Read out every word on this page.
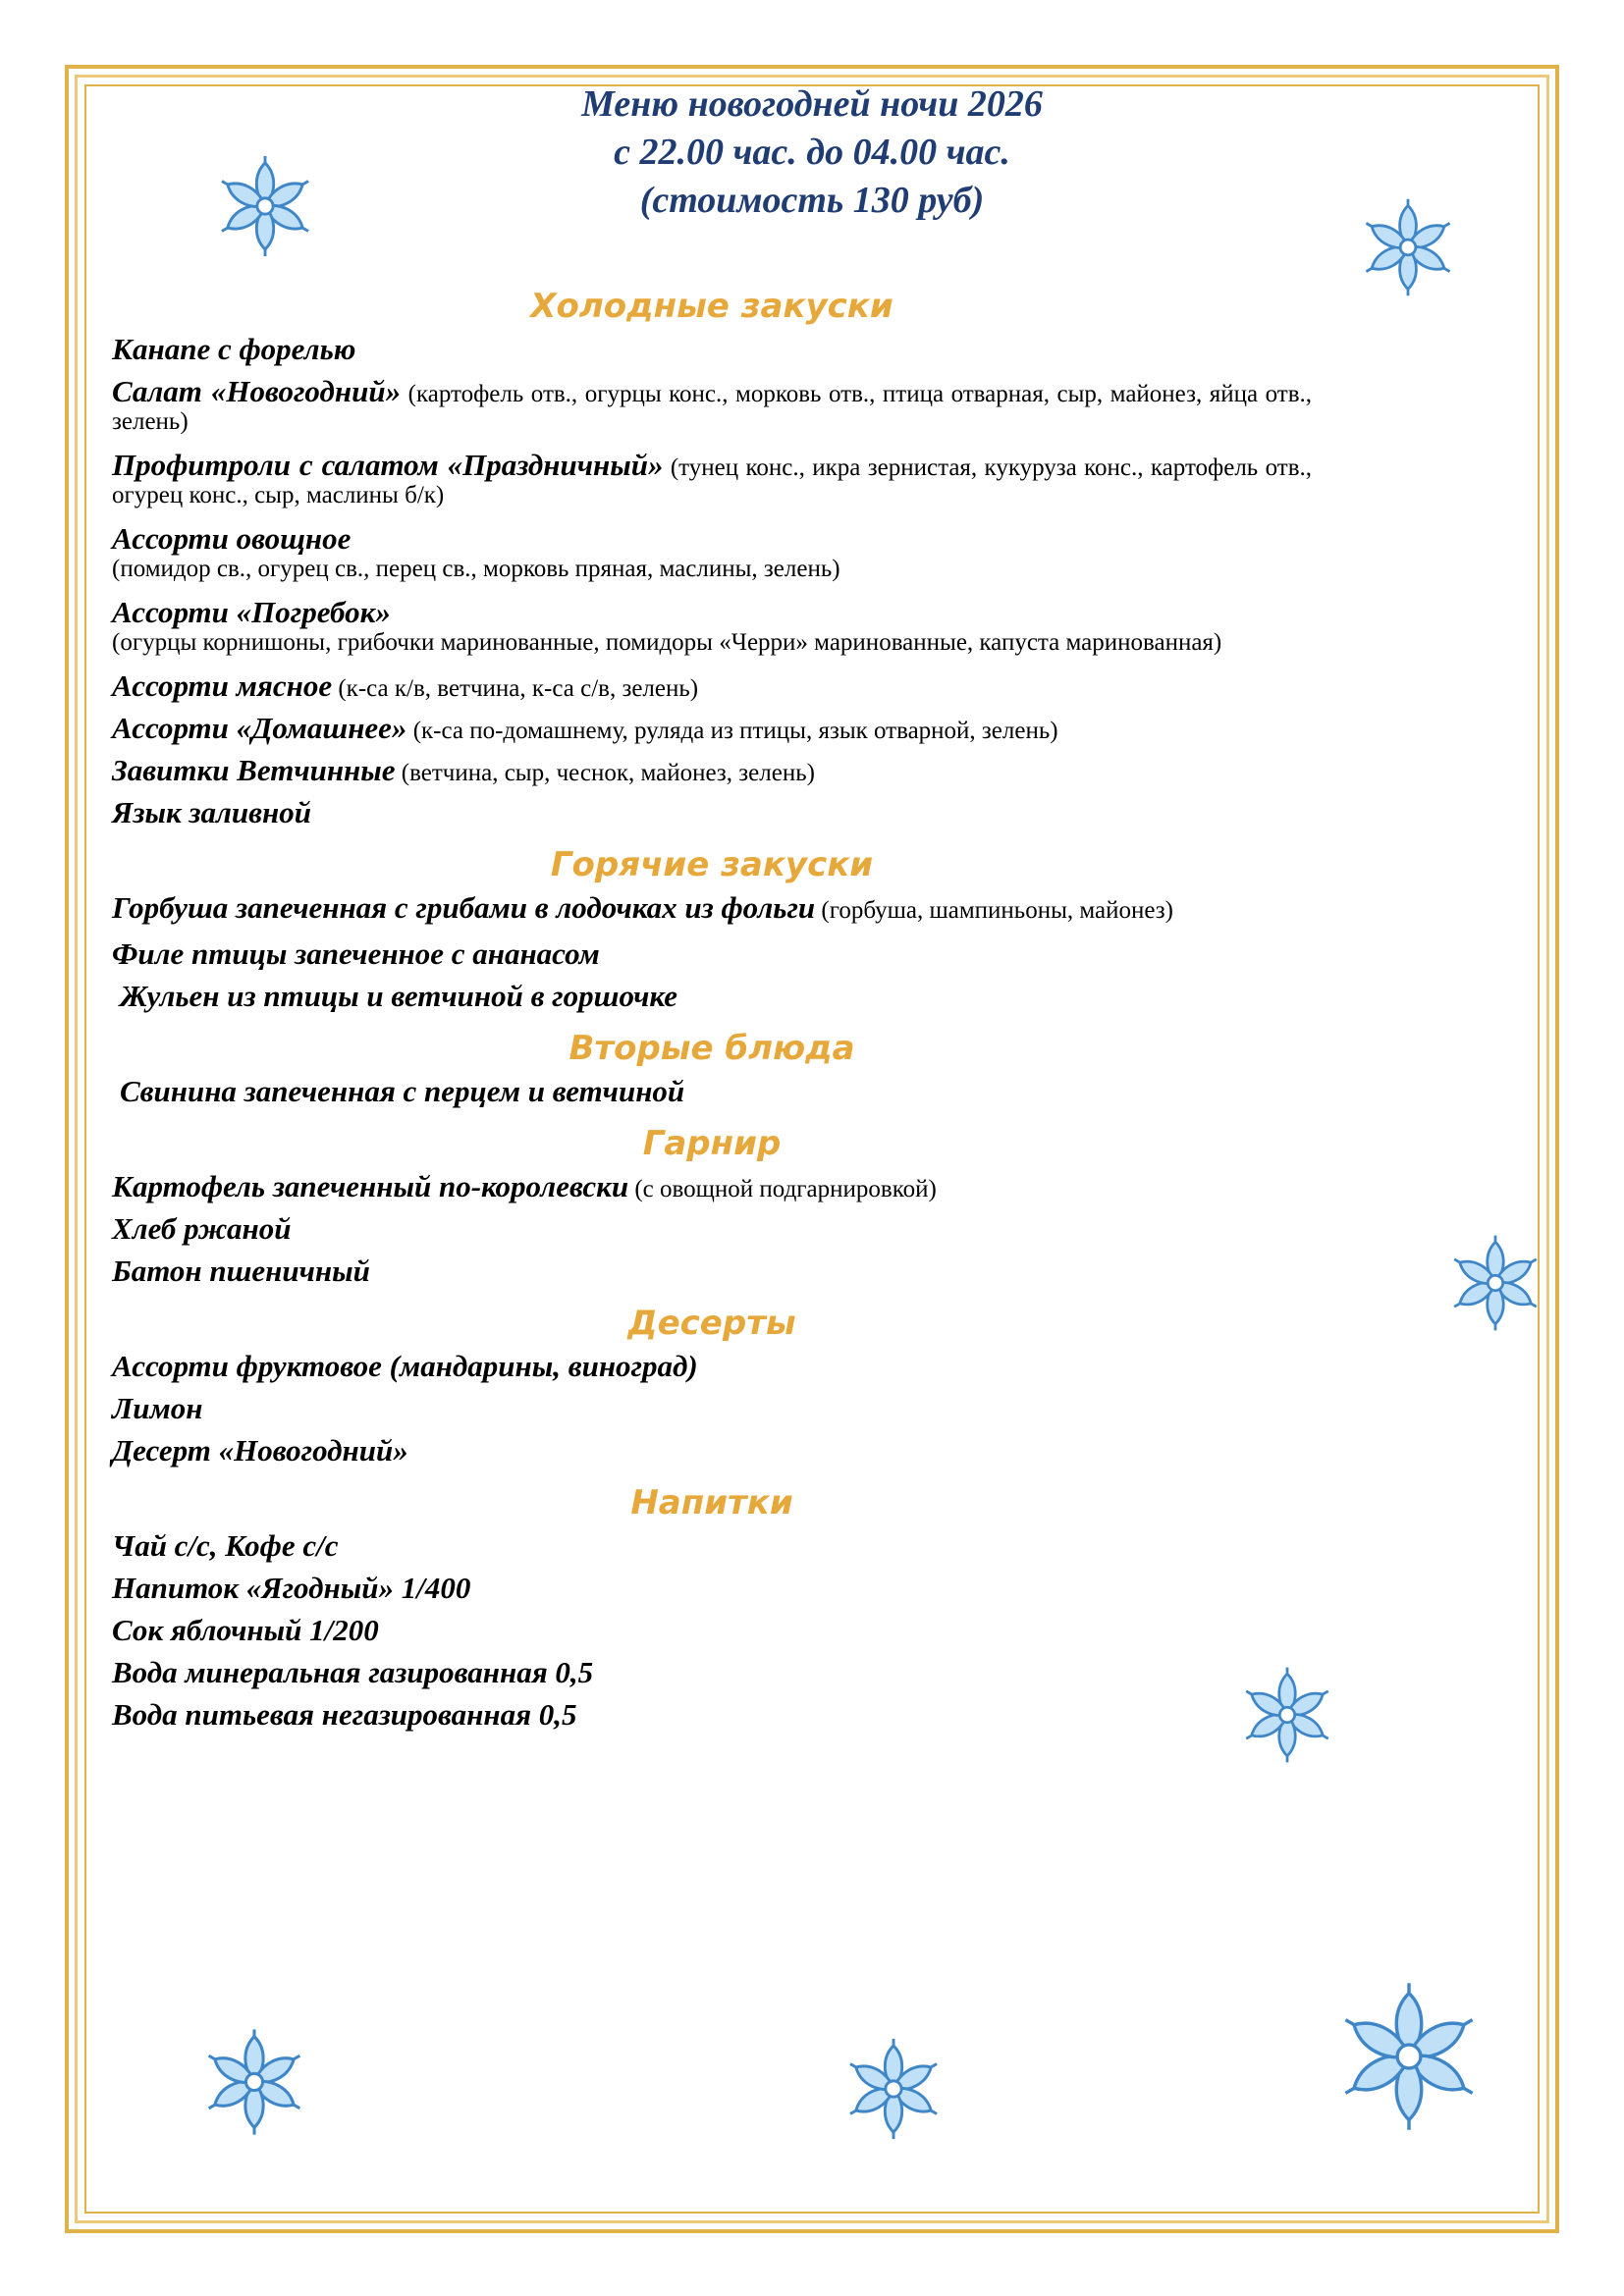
Меню новогодней ночи 2026
с 22.00 час. до 04.00 час.
(стоимость 130 руб)
Холодные закуски
Канапе с форелью
Салат «Новогодний» (картофель отв., огурцы конс., морковь отв., птица отварная, сыр, майонез, яйца отв., зелень)
Профитроли с салатом «Праздничный» (тунец конс., икра зернистая, кукуруза конс., картофель отв., огурец конс., сыр, маслины б/к)
Ассорти овощное
(помидор св., огурец св., перец св., морковь пряная, маслины, зелень)
Ассорти «Погребок»
(огурцы корнишоны, грибочки маринованные, помидоры «Черри» маринованные, капуста маринованная)
Ассорти мясное (к-са к/в, ветчина, к-са с/в, зелень)
Ассорти «Домашнее» (к-са по-домашнему, руляда из птицы, язык отварной, зелень)
Завитки Ветчинные (ветчина, сыр, чеснок, майонез, зелень)
Язык заливной
Горячие закуски
Горбуша запеченная с грибами в лодочках из фольги (горбуша, шампиньоны, майонез)
Филе птицы запеченное с ананасом
Жульен из птицы и ветчиной в горшочке
Вторые блюда
Свинина запеченная с перцем и ветчиной
Гарнир
Картофель запеченный по-королевски (с овощной подгарнировкой)
Хлеб ржаной
Батон пшеничный
Десерты
Ассорти фруктовое (мандарины, виноград)
Лимон
Десерт «Новогодний»
Напитки
Чай с/с, Кофе с/с
Напиток «Ягодный» 1/400
Сок яблочный 1/200
Вода минеральная газированная 0,5
Вода питьевая негазированная 0,5
